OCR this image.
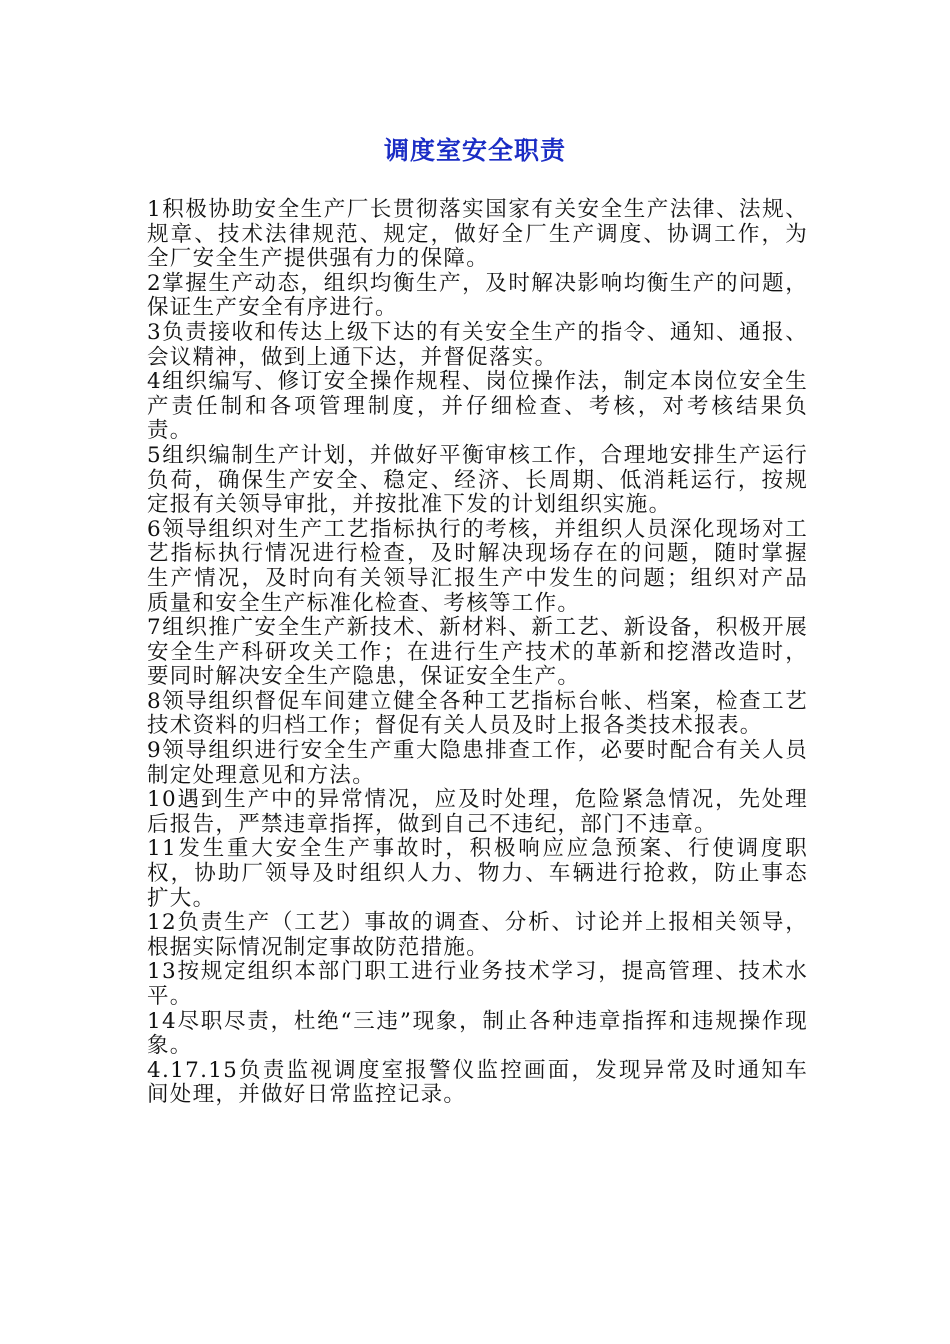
调度室安全职责

1积极协助安全生产厂长贯彻落实国家有关安全生产法律、法规、规章、技术法律规范、规定，做好全厂生产调度、协调工作，为全厂安全生产提供强有力的保障。

2掌握生产动态，组织均衡生产，及时解决影响均衡生产的问题，保证生产安全有序进行。

3负责接收和传达上级下达的有关安全生产的指令、通知、通报、会议精神，做到上通下达，并督促落实。

4组织编写、修订安全操作规程、岗位操作法，制定本岗位安全生产责任制和各项管理制度，并仔细检查、考核，对考核结果负责。

5组织编制生产计划，并做好平衡审核工作，合理地安排生产运行负荷，确保生产安全、稳定、经济、长周期、低消耗运行，按规定报有关领导审批，并按批准下发的计划组织实施。

6领导组织对生产工艺指标执行的考核，并组织人员深化现场对工艺指标执行情况进行检查，及时解决现场存在的问题，随时掌握生产情况，及时向有关领导汇报生产中发生的问题；组织对产品质量和安全生产标准化检查、考核等工作。

7组织推广安全生产新技术、新材料、新工艺、新设备，积极开展安全生产科研攻关工作；在进行生产技术的革新和挖潜改造时，要同时解决安全生产隐患，保证安全生产。

8领导组织督促车间建立健全各种工艺指标台帐、档案，检查工艺技术资料的归档工作；督促有关人员及时上报各类技术报表。

9领导组织进行安全生产重大隐患排查工作，必要时配合有关人员制定处理意见和方法。

10遇到生产中的异常情况，应及时处理，危险紧急情况，先处理后报告，严禁违章指挥，做到自己不违纪，部门不违章。

11发生重大安全生产事故时，积极响应应急预案、行使调度职权，协助厂领导及时组织人力、物力、车辆进行抢救，防止事态扩大。

12负责生产（工艺）事故的调查、分析、讨论并上报相关领导，根据实际情况制定事故防范措施。

13按规定组织本部门职工进行业务技术学习，提高管理、技术水平。

14尽职尽责，杜绝“三违”现象，制止各种违章指挥和违规操作现象。

4.17.15负责监视调度室报警仪监控画面，发现异常及时通知车间处理，并做好日常监控记录。
